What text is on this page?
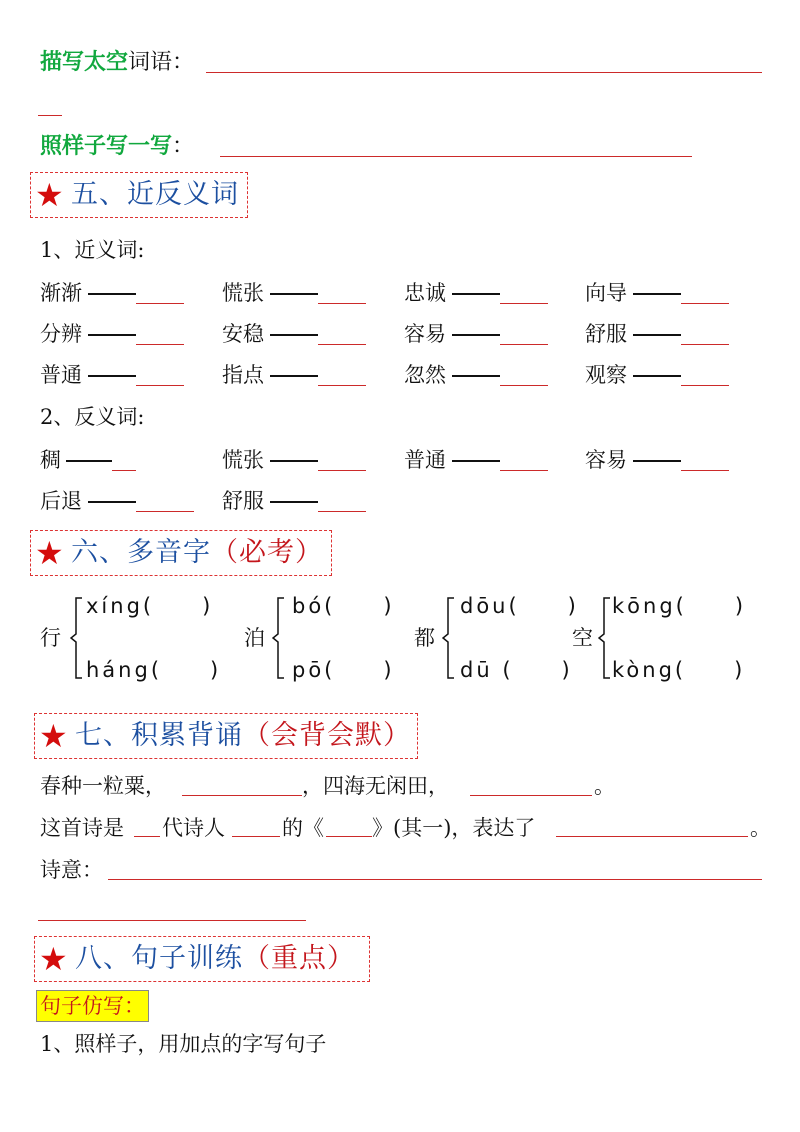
描写太空词语：
照样子写一写：
★ 五、近反义词
1、近义词:
渐渐	慌张	忠诚	向导
分辨	安稳	容易	舒服
普通	指点	忽然	观察
2、反义词:
稠	慌张	普通	容易
后退	舒服
★ 六、多音字（必考）
行
xíng(　　)
háng(　　)
泊
bó(　　)
pō(　　)
都
dōu(　　)
dū (　　)
空
kōng(　　)
kòng(　　)
★ 七、积累背诵（会背会默）
春种一粒粟，	，四海无闲田，	。
这首诗是 代诗人	的《 》(其一)，表达了	。
诗意：
★ 八、句子训练（重点）
句子仿写：
1、照样子，用加点的字写句子
